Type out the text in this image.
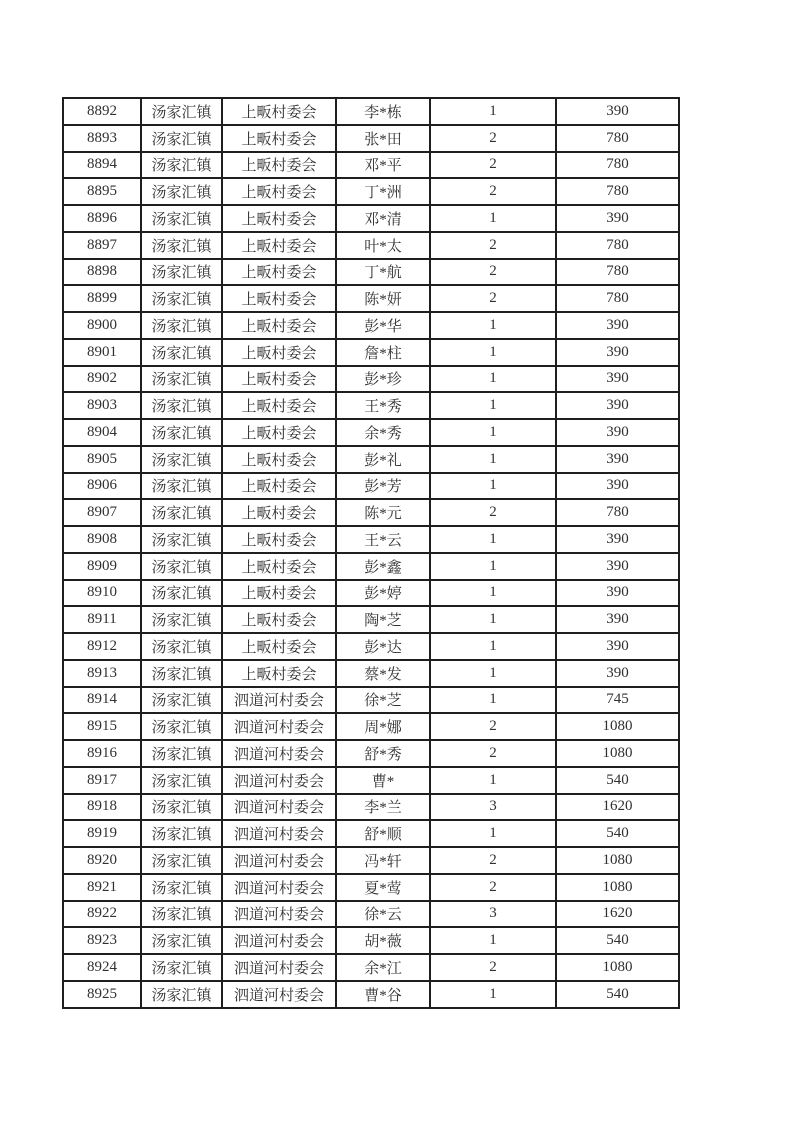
8892	汤家汇镇	上畈村委会	李*栋	1	390
8893	汤家汇镇	上畈村委会	张*田	2	780
8894	汤家汇镇	上畈村委会	邓*平	2	780
8895	汤家汇镇	上畈村委会	丁*洲	2	780
8896	汤家汇镇	上畈村委会	邓*清	1	390
8897	汤家汇镇	上畈村委会	叶*太	2	780
8898	汤家汇镇	上畈村委会	丁*航	2	780
8899	汤家汇镇	上畈村委会	陈*妍	2	780
8900	汤家汇镇	上畈村委会	彭*华	1	390
8901	汤家汇镇	上畈村委会	詹*柱	1	390
8902	汤家汇镇	上畈村委会	彭*珍	1	390
8903	汤家汇镇	上畈村委会	王*秀	1	390
8904	汤家汇镇	上畈村委会	余*秀	1	390
8905	汤家汇镇	上畈村委会	彭*礼	1	390
8906	汤家汇镇	上畈村委会	彭*芳	1	390
8907	汤家汇镇	上畈村委会	陈*元	2	780
8908	汤家汇镇	上畈村委会	王*云	1	390
8909	汤家汇镇	上畈村委会	彭*鑫	1	390
8910	汤家汇镇	上畈村委会	彭*婷	1	390
8911	汤家汇镇	上畈村委会	陶*芝	1	390
8912	汤家汇镇	上畈村委会	彭*达	1	390
8913	汤家汇镇	上畈村委会	蔡*发	1	390
8914	汤家汇镇	泗道河村委会	徐*芝	1	745
8915	汤家汇镇	泗道河村委会	周*娜	2	1080
8916	汤家汇镇	泗道河村委会	舒*秀	2	1080
8917	汤家汇镇	泗道河村委会	曹*	1	540
8918	汤家汇镇	泗道河村委会	李*兰	3	1620
8919	汤家汇镇	泗道河村委会	舒*顺	1	540
8920	汤家汇镇	泗道河村委会	冯*轩	2	1080
8921	汤家汇镇	泗道河村委会	夏*莺	2	1080
8922	汤家汇镇	泗道河村委会	徐*云	3	1620
8923	汤家汇镇	泗道河村委会	胡*薇	1	540
8924	汤家汇镇	泗道河村委会	余*江	2	1080
8925	汤家汇镇	泗道河村委会	曹*谷	1	540
